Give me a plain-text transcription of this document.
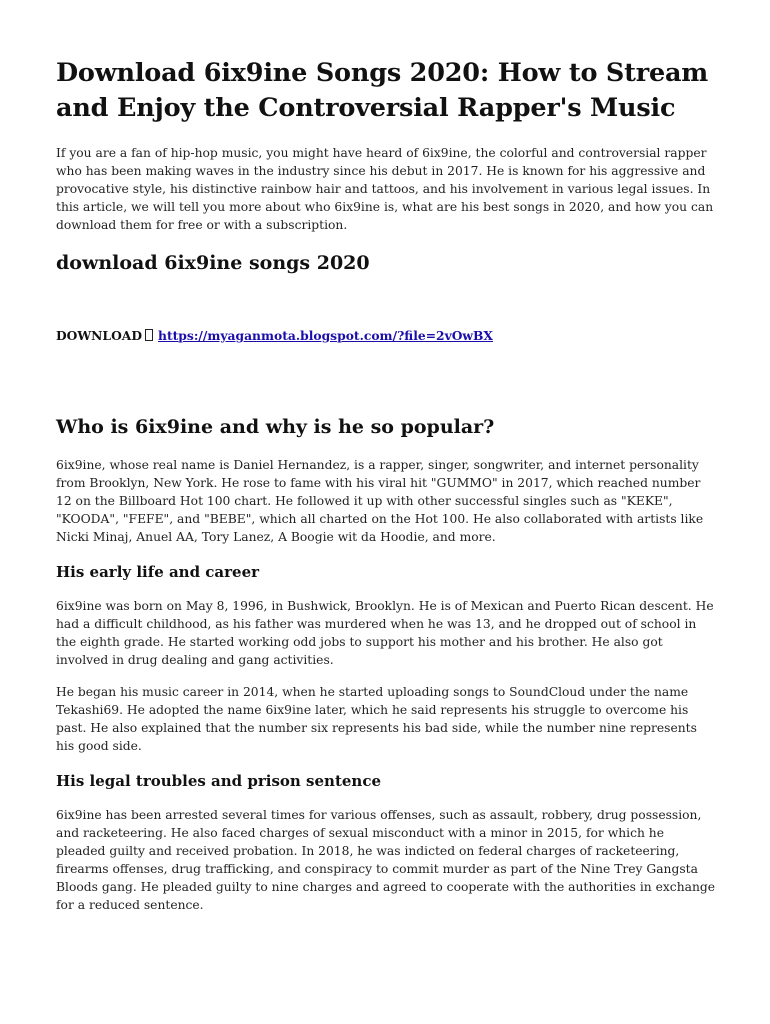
Download 6ix9ine Songs 2020: How to Stream and Enjoy the Controversial Rapper's Music

If you are a fan of hip-hop music, you might have heard of 6ix9ine, the colorful and controversial rapper who has been making waves in the industry since his debut in 2017. He is known for his aggressive and provocative style, his distinctive rainbow hair and tattoos, and his involvement in various legal issues. In this article, we will tell you more about who 6ix9ine is, what are his best songs in 2020, and how you can download them for free or with a subscription.

download 6ix9ine songs 2020
DOWNLOAD https://myaganmota.blogspot.com/?file=2vOwBX
Who is 6ix9ine and why is he so popular?

6ix9ine, whose real name is Daniel Hernandez, is a rapper, singer, songwriter, and internet personality from Brooklyn, New York. He rose to fame with his viral hit "GUMMO" in 2017, which reached number 12 on the Billboard Hot 100 chart. He followed it up with other successful singles such as "KEKE", "KOODA", "FEFE", and "BEBE", which all charted on the Hot 100. He also collaborated with artists like Nicki Minaj, Anuel AA, Tory Lanez, A Boogie wit da Hoodie, and more.

His early life and career

6ix9ine was born on May 8, 1996, in Bushwick, Brooklyn. He is of Mexican and Puerto Rican descent. He had a difficult childhood, as his father was murdered when he was 13, and he dropped out of school in the eighth grade. He started working odd jobs to support his mother and his brother. He also got involved in drug dealing and gang activities.

He began his music career in 2014, when he started uploading songs to SoundCloud under the name Tekashi69. He adopted the name 6ix9ine later, which he said represents his struggle to overcome his past. He also explained that the number six represents his bad side, while the number nine represents his good side.

His legal troubles and prison sentence

6ix9ine has been arrested several times for various offenses, such as assault, robbery, drug possession, and racketeering. He also faced charges of sexual misconduct with a minor in 2015, for which he pleaded guilty and received probation. In 2018, he was indicted on federal charges of racketeering, firearms offenses, drug trafficking, and conspiracy to commit murder as part of the Nine Trey Gangsta Bloods gang. He pleaded guilty to nine charges and agreed to cooperate with the authorities in exchange for a reduced sentence.
